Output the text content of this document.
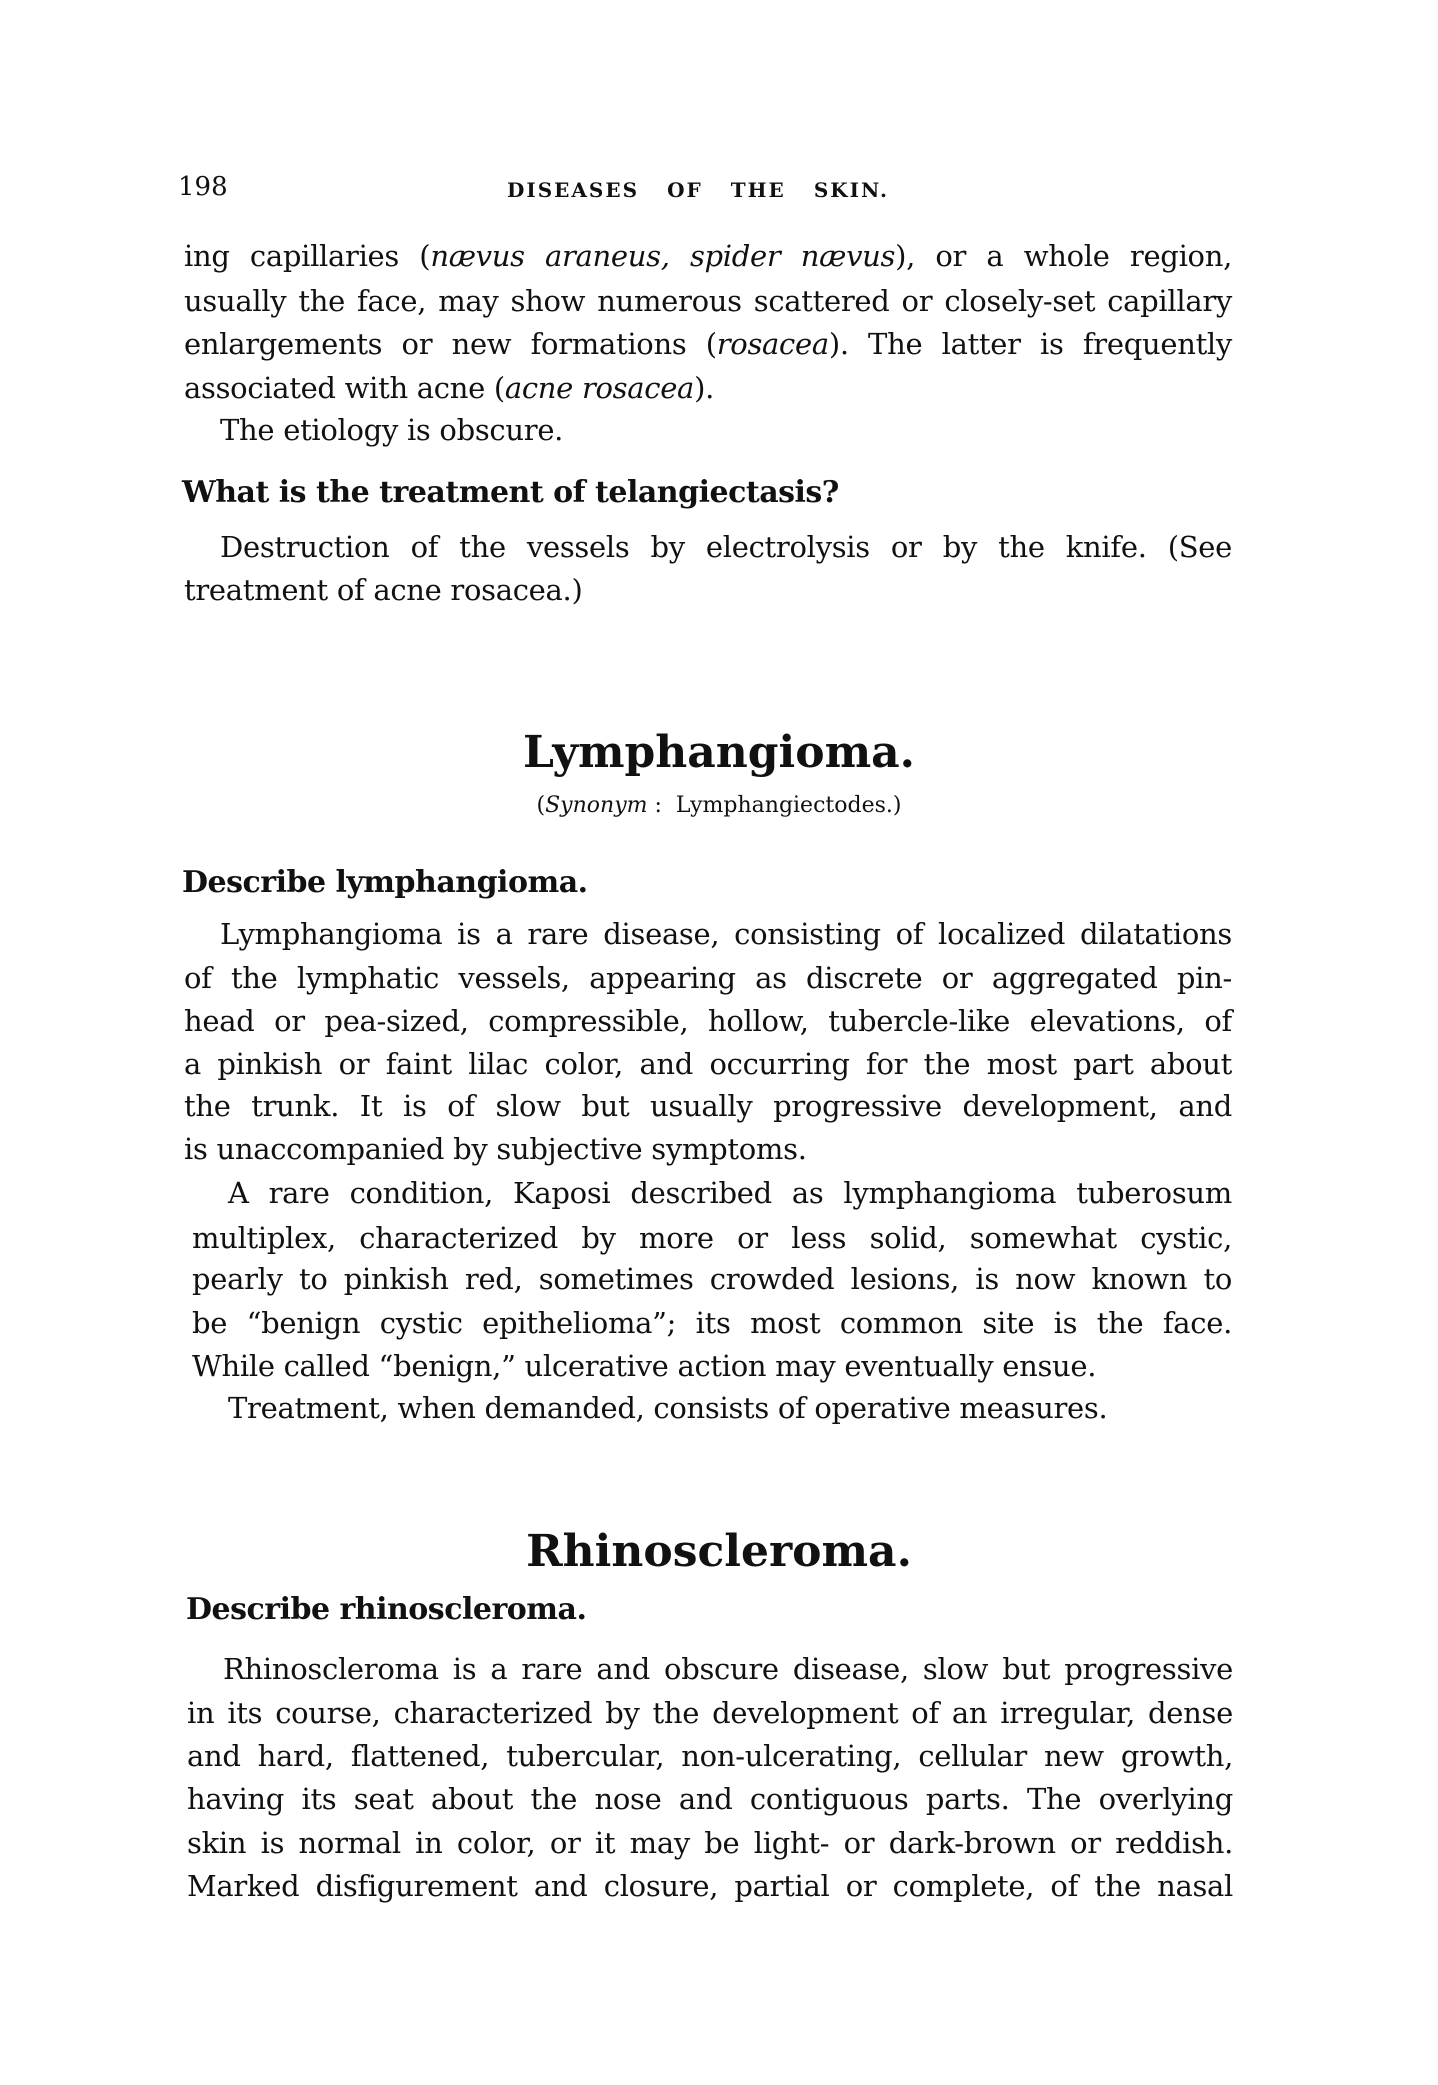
198	DISEASES OF THE SKIN.
ing capillaries (nævus araneus, spider nævus), or a whole region,
usually the face, may show numerous scattered or closely-set capillary
enlargements or new formations (rosacea). The latter is frequently
associated with acne (acne rosacea).
The etiology is obscure.
What is the treatment of telangiectasis?
Destruction of the vessels by electrolysis or by the knife. (See
treatment of acne rosacea.)
Lymphangioma.
(Synonym :  Lymphangiectodes.)
Describe lymphangioma.
Lymphangioma is a rare disease, consisting of localized dilatations
of the lymphatic vessels, appearing as discrete or aggregated pin-
head or pea-sized, compressible, hollow, tubercle-like elevations, of
a pinkish or faint lilac color, and occurring for the most part about
the trunk. It is of slow but usually progressive development, and
is unaccompanied by subjective symptoms.
A rare condition, Kaposi described as lymphangioma tuberosum
multiplex, characterized by more or less solid, somewhat cystic,
pearly to pinkish red, sometimes crowded lesions, is now known to
be “benign cystic epithelioma”; its most common site is the face.
While called “benign,” ulcerative action may eventually ensue.
Treatment, when demanded, consists of operative measures.
Rhinoscleroma.
Describe rhinoscleroma.
Rhinoscleroma is a rare and obscure disease, slow but progressive
in its course, characterized by the development of an irregular, dense
and hard, flattened, tubercular, non-ulcerating, cellular new growth,
having its seat about the nose and contiguous parts. The overlying
skin is normal in color, or it may be light- or dark-brown or reddish.
Marked disfigurement and closure, partial or complete, of the nasal
